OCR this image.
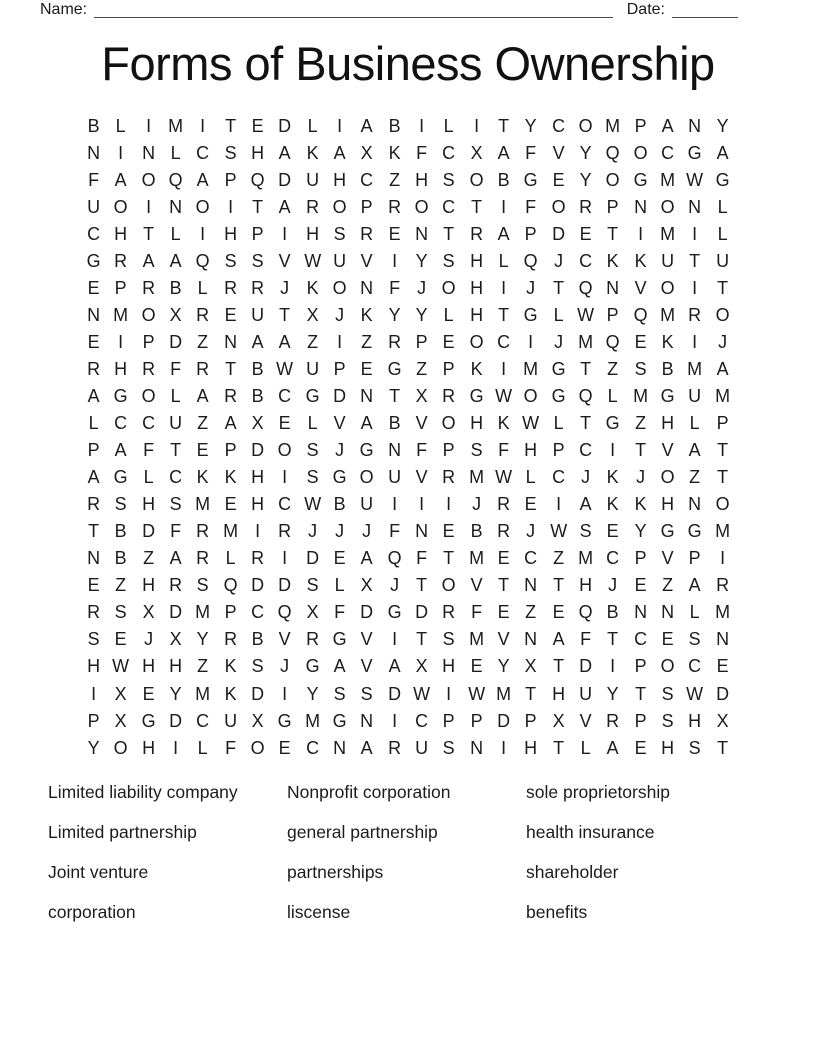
Name:	Date:
Forms of Business Ownership
B L	I M I	T E D L	I	A B	I	L	I	T Y C O M P A N Y
N I N L C S H A K A X K F C X A F V Y Q O C G A
F A O Q A P Q D U H C Z H S O B G E Y O G M W G
U O I N O I	T A R O P R O C T	I	F O R P N O N L
C H T L	I H P	I H S R E N T R A P D E T	I M I	L
G R A A Q S S V W U V	I	Y S H L Q J C K K U T U
E P R B L R R J K O N F J O H I	J T Q N V O I	T
N M O X R E U T X J K Y Y L H T G L W P Q M R O
E	I	P D Z N A A Z	I	Z R P E O C I	J M Q E K	I	J
R H R F R T B W U P E G Z P K	I M G T Z S B M A
A G O L A R B C G D N T X R G W O G Q L M G U M
L C C U Z A X E L V A B V O H K W L T G Z H L P
P A F T E P D O S J G N F P S F H P C I	T V A T
A G L C K K H I	S G O U V R M W L C J K J O Z T
R S H S M E H C W B U I	I	I	J R E	I	A K K H N O
T B D F R M I R J J J F N E B R J W S E Y G G M
N B Z A R L R I D E A Q F T M E C Z M C P V P	I
E Z H R S Q D D S L X J T O V T N T H J E Z A R
R S X D M P C Q X F D G D R F E Z E Q B N N L M
S E J X Y R B V R G V	I	T S M V N A F T C E S N
H W H H Z K S J G A V A X H E Y X T D I	P O C E
I	X E Y M K D I	Y S S D W I W M T H U Y T S W D
P X G D C U X G M G N I C P P D P X V R P S H X
Y O H I	L F O E C N A R U S N I H T L A E H S T
Limited liability company	Nonprofit corporation	sole proprietorship
Limited partnership	general partnership	health insurance
Joint venture	partnerships	shareholder
corporation	liscense	benefits
